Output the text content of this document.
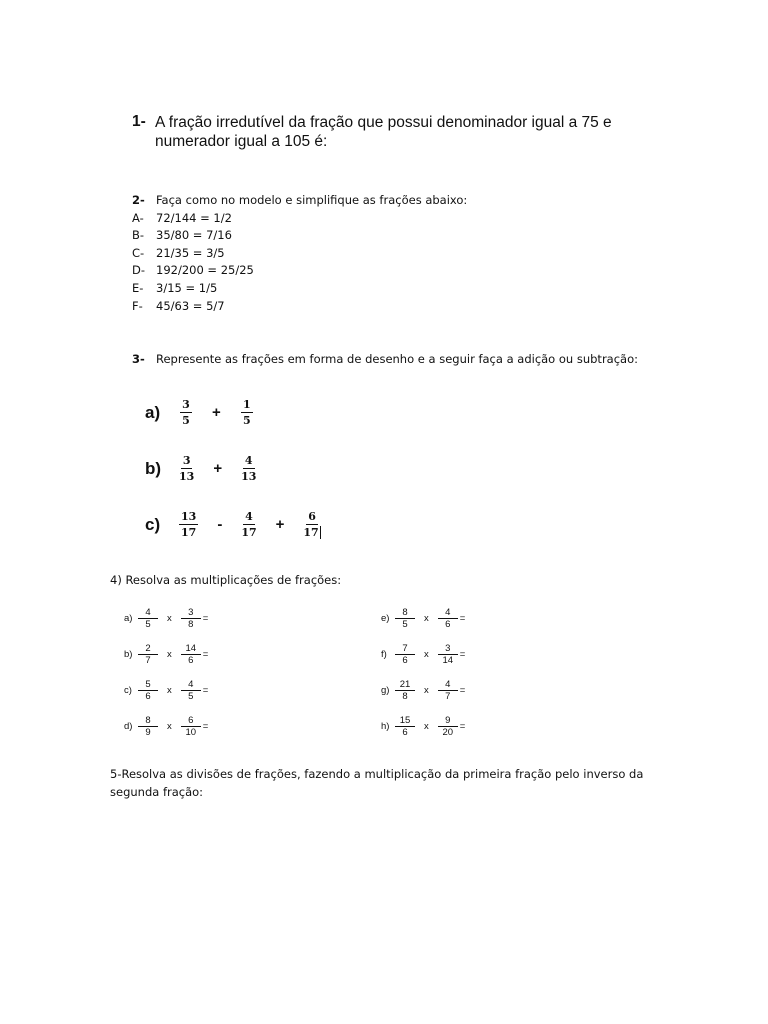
1- A fração irredutível da fração que possui denominador igual a 75 e numerador igual a 105 é:
2- Faça como no modelo e simplifique as frações abaixo:
A- 72/144 = 1/2
B- 35/80 = 7/16
C- 21/35 = 3/5
D- 192/200 = 25/25
E- 3/15 = 1/5
F- 45/63 = 5/7
3- Represente as frações em forma de desenho e a seguir faça a adição ou subtração:
a)	$\frac{3}{5} + \frac{1}{5}$
b)	$\frac{3}{13} + \frac{4}{13}$
c)	$\frac{13}{17} - \frac{4}{17} + \frac{6}{17}$
4) Resolva as multiplicações de frações:
$a) \frac{4}{5}$ x $\frac{3}{8}$ =
$b) \frac{2}{7}$ x $\frac{14}{6}$ =
$c) \frac{5}{6}$ x $\frac{4}{5}$ =
$d) \frac{8}{9}$ x $\frac{6}{10}$ =
$e) \frac{8}{5}$ x $\frac{4}{6}$ =
$f) \frac{7}{6}$ x $\frac{3}{14}$ =
$g) \frac{21}{8}$ x $\frac{4}{7}$ =
$h) \frac{15}{6}$ x $\frac{9}{20}$ =
5-Resolva as divisões de frações, fazendo a multiplicação da primeira fração pelo inverso da segunda fração:
